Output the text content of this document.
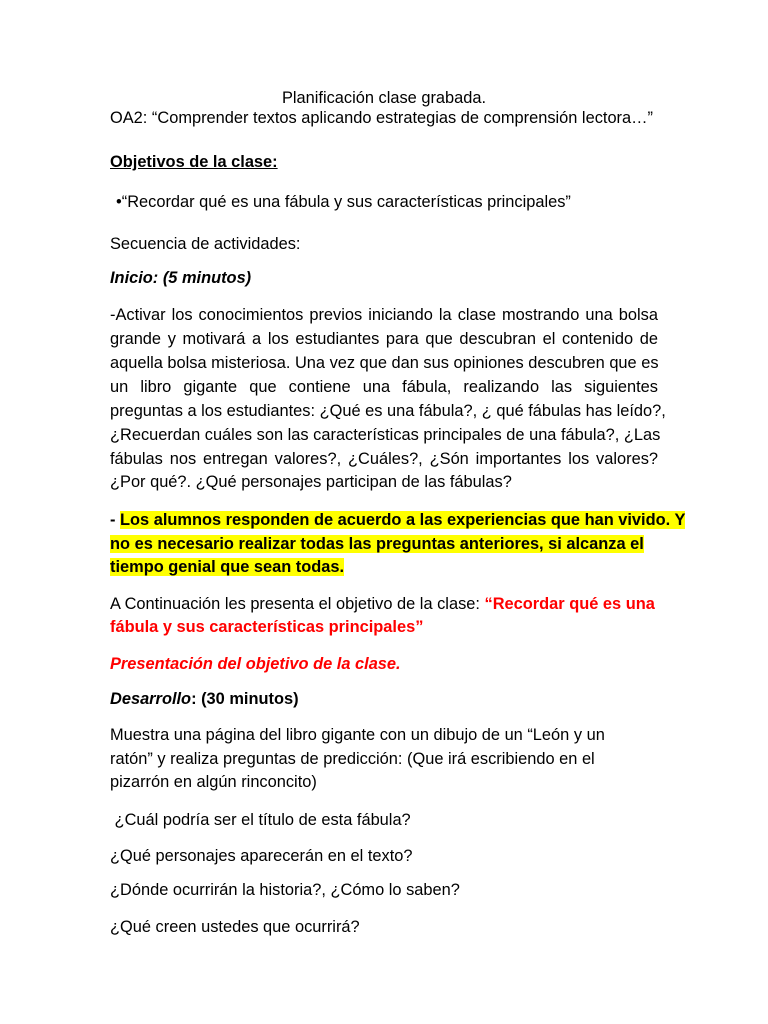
Planificación clase grabada.
OA2: “Comprender textos aplicando estrategias de comprensión lectora…”
Objetivos de la clase:
•“Recordar qué es una fábula y sus características principales”
Secuencia de actividades:
Inicio: (5 minutos)
-Activar los conocimientos previos iniciando la clase mostrando una bolsa
grande y motivará a los estudiantes para que descubran el contenido de
aquella bolsa misteriosa. Una vez que dan sus opiniones descubren que es
un libro gigante que contiene una fábula, realizando las siguientes
preguntas a los estudiantes: ¿Qué es una fábula?, ¿ qué fábulas has leído?,
¿Recuerdan cuáles son las características principales de una fábula?, ¿Las
fábulas nos entregan valores?, ¿Cuáles?, ¿Són importantes los valores?
¿Por qué?. ¿Qué personajes participan de las fábulas?
- Los alumnos responden de acuerdo a las experiencias que han vivido. Y
no es necesario realizar todas las preguntas anteriores, si alcanza el
tiempo genial que sean todas.
A Continuación les presenta el objetivo de la clase: “Recordar qué es una
fábula y sus características principales”
Presentación del objetivo de la clase.
Desarrollo: (30 minutos)
Muestra una página del libro gigante con un dibujo de un “León y un
ratón” y realiza preguntas de predicción: (Que irá escribiendo en el
pizarrón en algún rinconcito)
¿Cuál podría ser el título de esta fábula?
¿Qué personajes aparecerán en el texto?
¿Dónde ocurrirán la historia?, ¿Cómo lo saben?
¿Qué creen ustedes que ocurrirá?
